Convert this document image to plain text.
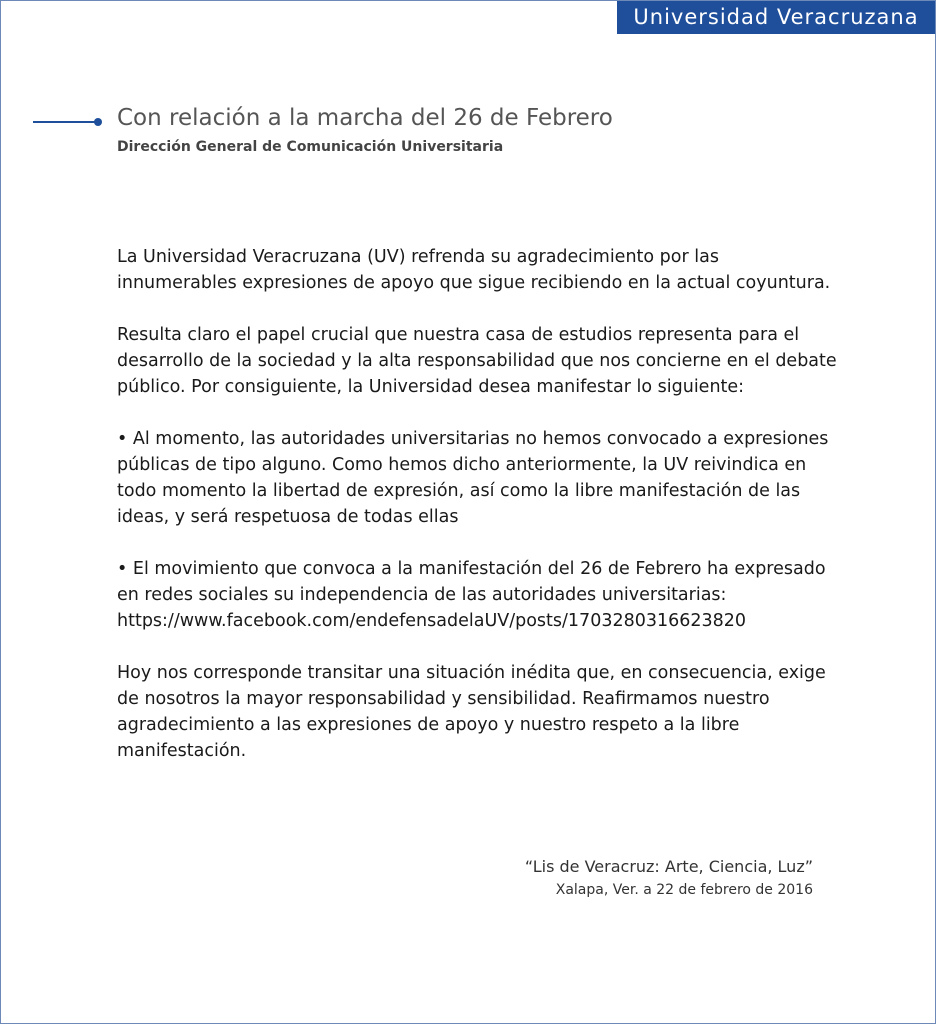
Universidad Veracruzana
Con relación a la marcha del 26 de Febrero
Dirección General de Comunicación Universitaria

La Universidad Veracruzana (UV) refrenda su agradecimiento por las innumerables expresiones de apoyo que sigue recibiendo en la actual coyuntura.

Resulta claro el papel crucial que nuestra casa de estudios representa para el desarrollo de la sociedad y la alta responsabilidad que nos concierne en el debate público. Por consiguiente, la Universidad desea manifestar lo siguiente:

• Al momento, las autoridades universitarias no hemos convocado a expresiones públicas de tipo alguno. Como hemos dicho anteriormente, la UV reivindica en todo momento la libertad de expresión, así como la libre manifestación de las ideas, y será respetuosa de todas ellas

• El movimiento que convoca a la manifestación del 26 de Febrero ha expresado en redes sociales su independencia de las autoridades universitarias: https://www.facebook.com/endefensadelaUV/posts/1703280316623820

Hoy nos corresponde transitar una situación inédita que, en consecuencia, exige de nosotros la mayor responsabilidad y sensibilidad. Reafirmamos nuestro agradecimiento a las expresiones de apoyo y nuestro respeto a la libre manifestación.

“Lis de Veracruz: Arte, Ciencia, Luz”
Xalapa, Ver. a 22 de febrero de 2016
